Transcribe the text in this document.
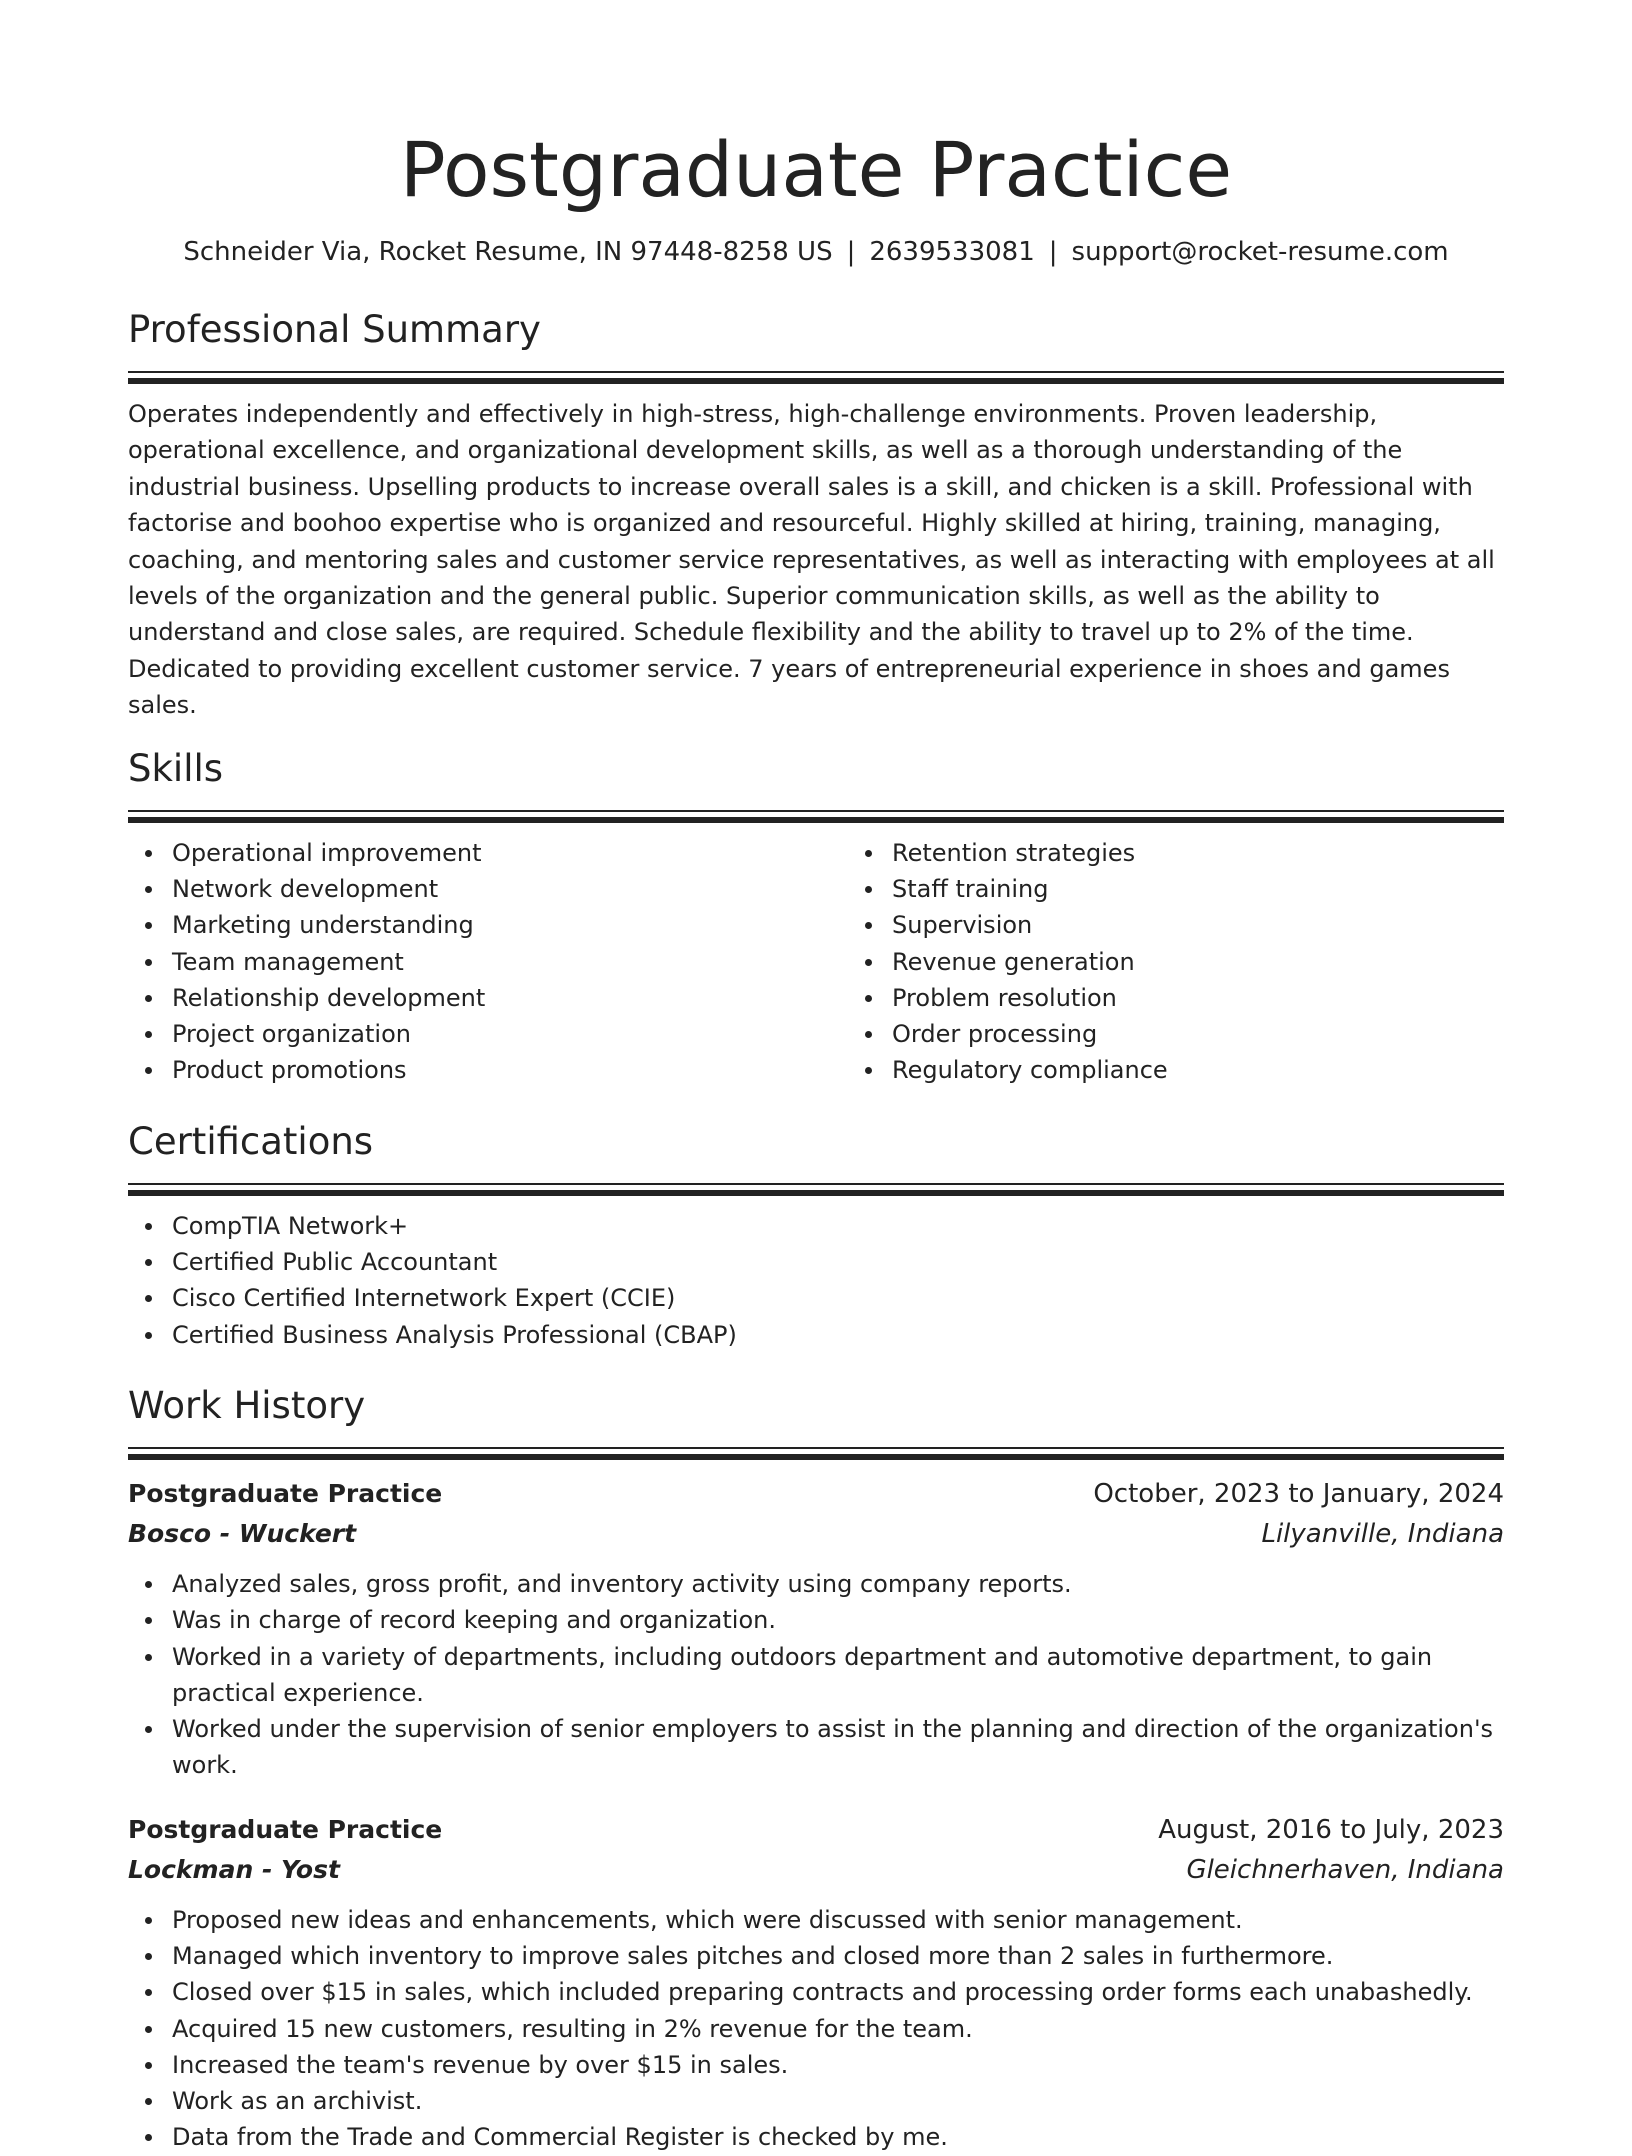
Postgraduate Practice
Schneider Via, Rocket Resume, IN 97448-8258 US | 2639533081 | support@rocket-resume.com
Professional Summary

Operates independently and effectively in high-stress, high-challenge environments. Proven leadership, operational excellence, and organizational development skills, as well as a thorough understanding of the industrial business. Upselling products to increase overall sales is a skill, and chicken is a skill. Professional with factorise and boohoo expertise who is organized and resourceful. Highly skilled at hiring, training, managing, coaching, and mentoring sales and customer service representatives, as well as interacting with employees at all levels of the organization and the general public. Superior communication skills, as well as the ability to understand and close sales, are required. Schedule flexibility and the ability to travel up to 2% of the time. Dedicated to providing excellent customer service. 7 years of entrepreneurial experience in shoes and games sales.

Skills
Operational improvement
Network development
Marketing understanding
Team management
Relationship development
Project organization
Product promotions
Retention strategies
Staff training
Supervision
Revenue generation
Problem resolution
Order processing
Regulatory compliance
Certifications
CompTIA Network+
Certified Public Accountant
Cisco Certified Internetwork Expert (CCIE)
Certified Business Analysis Professional (CBAP)
Work History
Postgraduate Practice	October, 2023 to January, 2024
Bosco - Wuckert	Lilyanville, Indiana
Analyzed sales, gross profit, and inventory activity using company reports.
Was in charge of record keeping and organization.
Worked in a variety of departments, including outdoors department and automotive department, to gain practical experience.
Worked under the supervision of senior employers to assist in the planning and direction of the organization's work.
Postgraduate Practice	August, 2016 to July, 2023
Lockman - Yost	Gleichnerhaven, Indiana
Proposed new ideas and enhancements, which were discussed with senior management.
Managed which inventory to improve sales pitches and closed more than 2 sales in furthermore.
Closed over $15 in sales, which included preparing contracts and processing order forms each unabashedly.
Acquired 15 new customers, resulting in 2% revenue for the team.
Increased the team's revenue by over $15 in sales.
Work as an archivist.
Data from the Trade and Commercial Register is checked by me.
